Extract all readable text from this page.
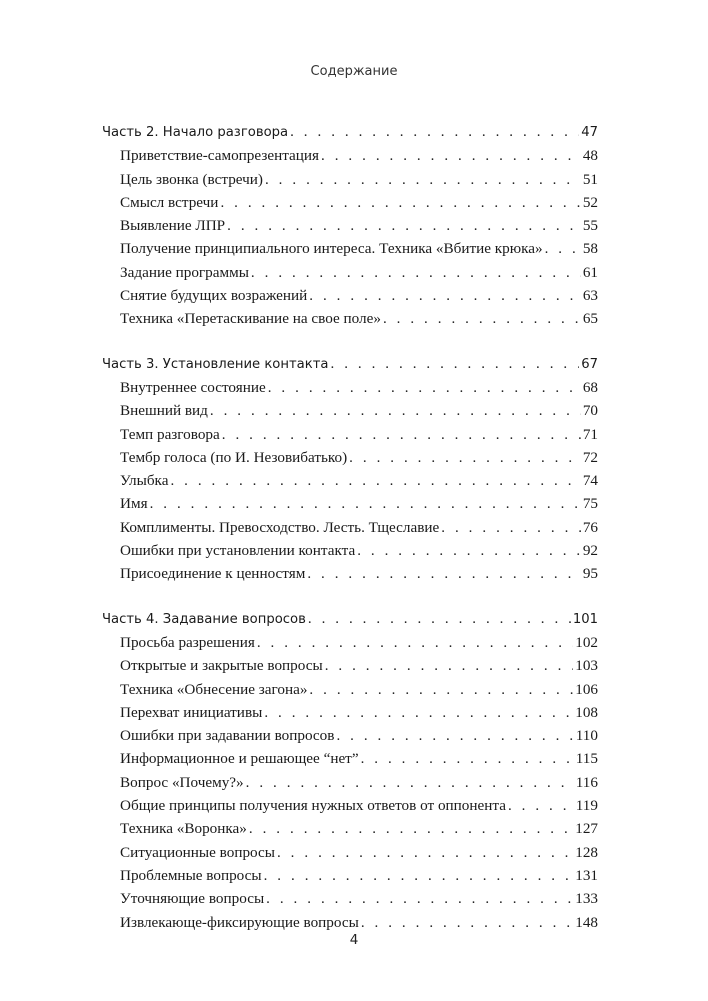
Содержание
Часть 2. Начало разговора . . .	47
Приветствие-самопрезентация . . .	48
Цель звонка (встречи) . . .	51
Смысл встречи . . .	52
Выявление ЛПР . . .	55
Получение принципиального интереса. Техника «Вбитие крюка» . . .	58
Задание программы . . .	61
Снятие будущих возражений . . .	63
Техника «Перетаскивание на свое поле» . . .	65
Часть 3. Установление контакта . . .	67
Внутреннее состояние . . .	68
Внешний вид . . .	70
Темп разговора . . .	71
Тембр голоса (по И. Незовибатько) . . .	72
Улыбка . . .	74
Имя . . .	75
Комплименты. Превосходство. Лесть. Тщеславие . . .	76
Ошибки при установлении контакта . . .	92
Присоединение к ценностям . . .	95
Часть 4. Задавание вопросов . . .	101
Просьба разрешения . . .	102
Открытые и закрытые вопросы . . .	103
Техника «Обнесение загона» . . .	106
Перехват инициативы . . .	108
Ошибки при задавании вопросов . . .	110
Информационное и решающее “нет” . . .	115
Вопрос «Почему?» . . .	116
Общие принципы получения нужных ответов от оппонента . . .	119
Техника «Воронка» . . .	127
Ситуационные вопросы . . .	128
Проблемные вопросы . . .	131
Уточняющие вопросы . . .	133
Извлекающе-фиксирующие вопросы . . .	148
4
